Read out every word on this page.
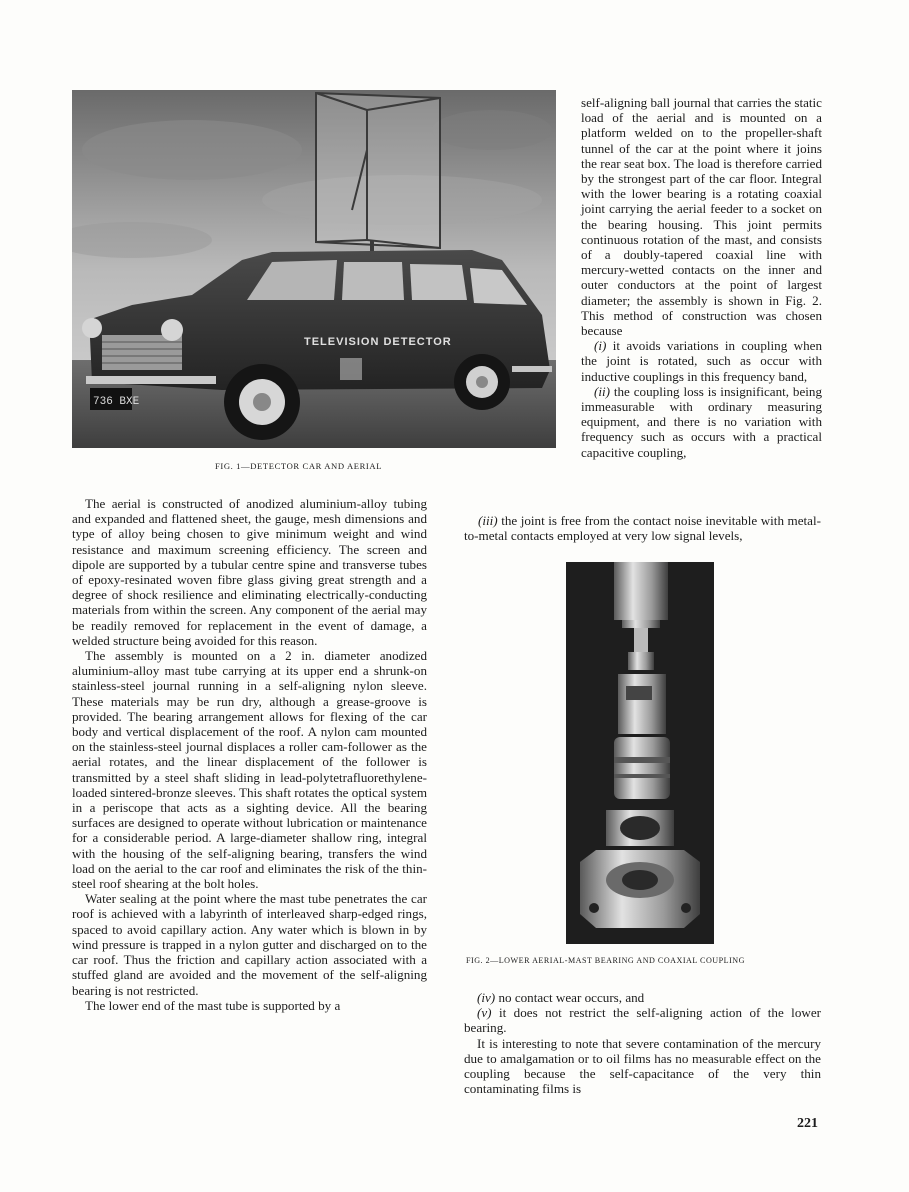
736 BXE
TELEVISION DETECTOR
FIG. 1—DETECTOR CAR AND AERIAL

self-aligning ball journal that carries the static load of the aerial and is mounted on a platform welded on to the propeller-shaft tunnel of the car at the point where it joins the rear seat box. The load is therefore carried by the strongest part of the car floor. Integral with the lower bearing is a rotating coaxial joint carrying the aerial feeder to a socket on the bearing housing. This joint permits continuous rotation of the mast, and consists of a doubly-tapered coaxial line with mercury-wetted contacts on the inner and outer conductors at the point of largest diameter; the assembly is shown in Fig. 2. This method of construction was chosen because

(i) it avoids variations in coupling when the joint is rotated, such as occur with inductive couplings in this frequency band,

(ii) the coupling loss is insignificant, being immeasurable with ordinary measuring equipment, and there is no variation with frequency such as occurs with a practical capacitive coupling,

(iii) the joint is free from the contact noise inevitable with metal-to-metal contacts employed at very low signal levels,

FIG. 2—LOWER AERIAL-MAST BEARING AND COAXIAL COUPLING

(iv) no contact wear occurs, and

(v) it does not restrict the self-aligning action of the lower bearing.

It is interesting to note that severe contamination of the mercury due to amalgamation or to oil films has no measurable effect on the coupling because the self-capacitance of the very thin contaminating films is

The aerial is constructed of anodized aluminium-alloy tubing and expanded and flattened sheet, the gauge, mesh dimensions and type of alloy being chosen to give minimum weight and wind resistance and maximum screening efficiency. The screen and dipole are supported by a tubular centre spine and transverse tubes of epoxy-resinated woven fibre glass giving great strength and a degree of shock resilience and eliminating electrically-conducting materials from within the screen. Any component of the aerial may be readily removed for replacement in the event of damage, a welded structure being avoided for this reason.

The assembly is mounted on a 2 in. diameter anodized aluminium-alloy mast tube carrying at its upper end a shrunk-on stainless-steel journal running in a self-aligning nylon sleeve. These materials may be run dry, although a grease-groove is provided. The bearing arrangement allows for flexing of the car body and vertical displacement of the roof. A nylon cam mounted on the stainless-steel journal displaces a roller cam-follower as the aerial rotates, and the linear displacement of the follower is transmitted by a steel shaft sliding in lead-polytetrafluorethylene-loaded sintered-bronze sleeves. This shaft rotates the optical system in a periscope that acts as a sighting device. All the bearing surfaces are designed to operate without lubrication or maintenance for a considerable period. A large-diameter shallow ring, integral with the housing of the self-aligning bearing, transfers the wind load on the aerial to the car roof and eliminates the risk of the thin-steel roof shearing at the bolt holes.

Water sealing at the point where the mast tube penetrates the car roof is achieved with a labyrinth of interleaved sharp-edged rings, spaced to avoid capillary action. Any water which is blown in by wind pressure is trapped in a nylon gutter and discharged on to the car roof. Thus the friction and capillary action associated with a stuffed gland are avoided and the movement of the self-aligning bearing is not restricted.

The lower end of the mast tube is supported by a

221
